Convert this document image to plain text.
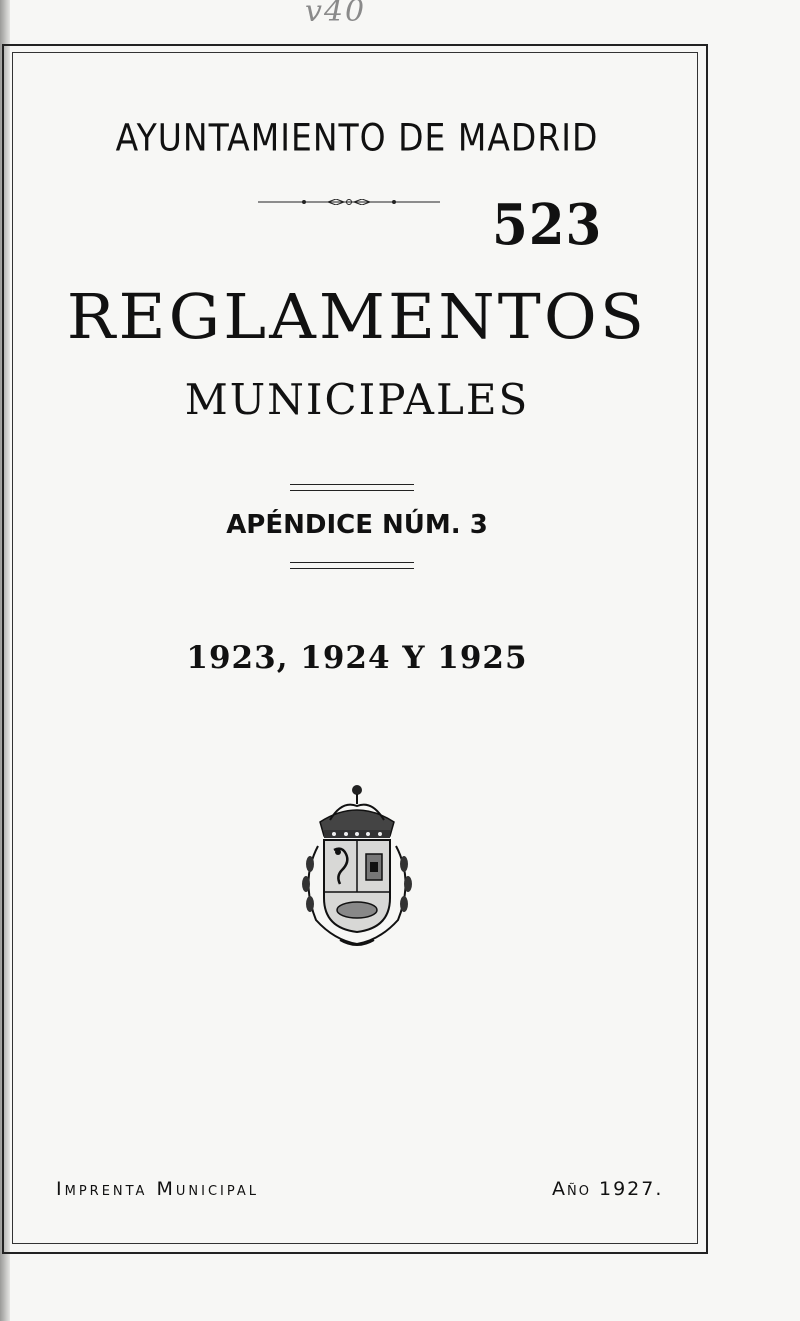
v40
AYUNTAMIENTO DE MADRID
523
REGLAMENTOS
MUNICIPALES
APÉNDICE NÚM. 3
1923, 1924 Y 1925
Imprenta Municipal	Año 1927.
